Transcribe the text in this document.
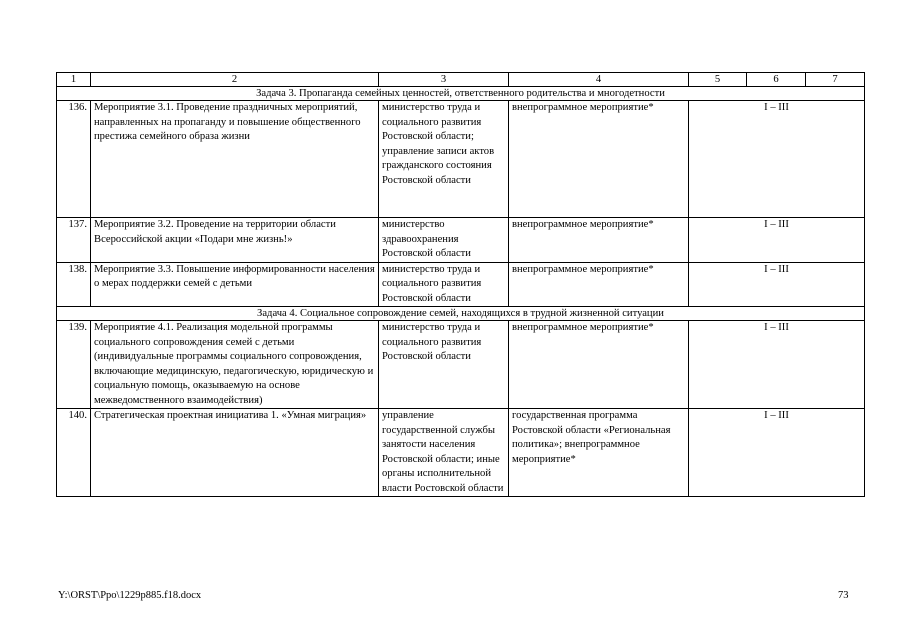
1	2	3	4	5	6	7
Задача 3. Пропаганда семейных ценностей, ответственного родительства и многодетности						
136.	Мероприятие 3.1. Проведение праздничных мероприятий, направленных на пропаганду и повышение общественного престижа семейного образа жизни	министерство труда и социального развития Ростовской области; управление записи актов гражданского состояния Ростовской области	внепрограммное мероприятие*	I – III		
137.	Мероприятие 3.2. Проведение на территории области Всероссийской акции «Подари мне жизнь!»	министерство здравоохранения Ростовской области	внепрограммное мероприятие*	I – III		
138.	Мероприятие 3.3. Повышение информированности населения о мерах поддержки семей с детьми	министерство труда и социального развития Ростовской области	внепрограммное мероприятие*	I – III		
Задача 4. Социальное сопровождение семей, находящихся в трудной жизненной ситуации						
139.	Мероприятие 4.1. Реализация модельной программы социального сопровождения семей с детьми (индивидуальные программы социального сопровождения, включающие медицинскую, педагогическую, юридическую и социальную помощь, оказываемую на основе межведомственного взаимодействия)	министерство труда и социального развития Ростовской области	внепрограммное мероприятие*	I – III		
140.	Стратегическая проектная инициатива 1. «Умная миграция»	управление государственной службы занятости населения Ростовской области; иные органы исполнительной власти Ростовской области	государственная программа Ростовской области «Региональная политика»; внепрограммное мероприятие*	I – III		
Y:\ORST\Ppo\1229p885.f18.docx	73
